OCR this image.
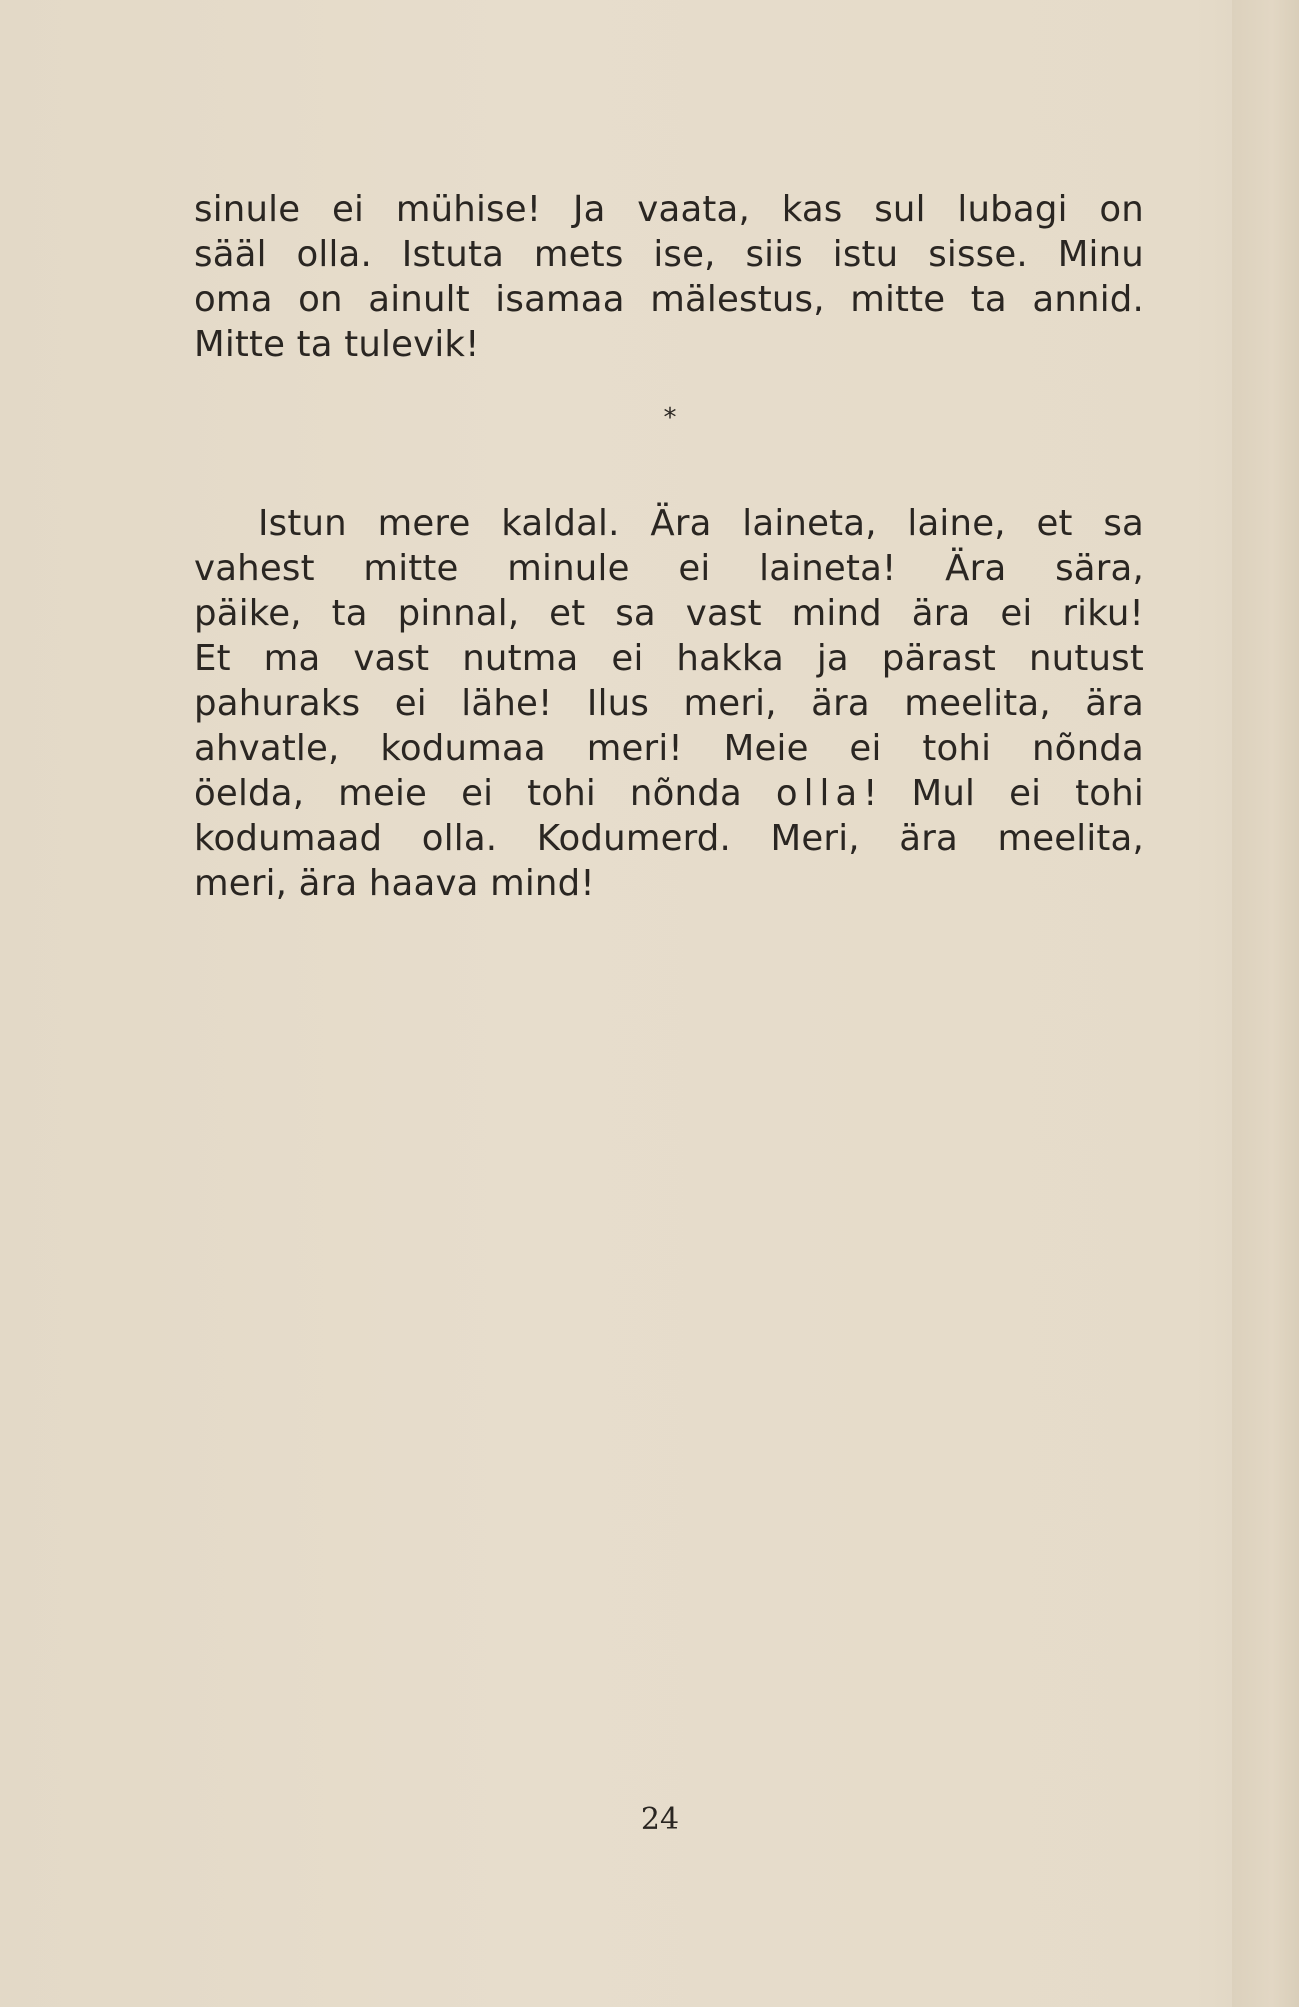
sinule ei mühise! Ja vaata, kas sul lubagi on
sääl olla. Istuta mets ise, siis istu sisse. Minu
oma on ainult isamaa mälestus, mitte ta annid.
Mitte ta tulevik!
*
Istun mere kaldal. Ära laineta, laine, et sa
vahest mitte minule ei laineta! Ära sära,
päike, ta pinnal, et sa vast mind ära ei riku!
Et ma vast nutma ei hakka ja pärast nutust
pahuraks ei lähe! Ilus meri, ära meelita, ära
ahvatle, kodumaa meri! Meie ei tohi nõnda
öelda, meie ei tohi nõnda olla! Mul ei tohi
kodumaad olla. Kodumerd. Meri, ära meelita,
meri, ära haava mind!
24
